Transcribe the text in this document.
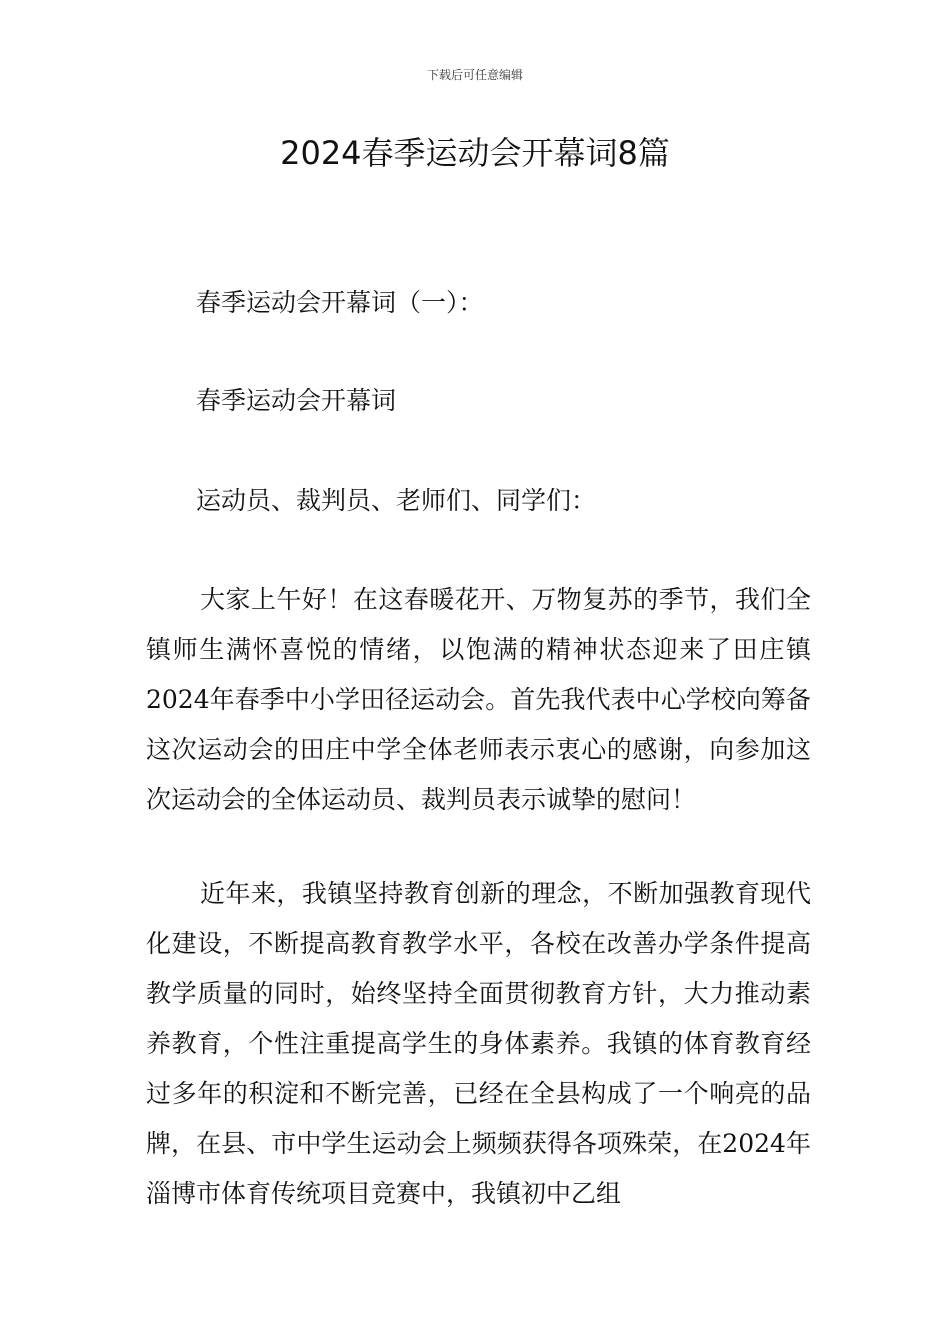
下载后可任意编辑
2024春季运动会开幕词8篇
春季运动会开幕词（一）：
春季运动会开幕词
运动员、裁判员、老师们、同学们：

大家上午好！在这春暖花开、万物复苏的季节，我们全镇师生满怀喜悦的情绪，以饱满的精神状态迎来了田庄镇2024年春季中小学田径运动会。首先我代表中心学校向筹备这次运动会的田庄中学全体老师表示衷心的感谢，向参加这次运动会的全体运动员、裁判员表示诚挚的慰问！

近年来，我镇坚持教育创新的理念，不断加强教育现代化建设，不断提高教育教学水平，各校在改善办学条件提高教学质量的同时，始终坚持全面贯彻教育方针，大力推动素养教育，个性注重提高学生的身体素养。我镇的体育教育经过多年的积淀和不断完善，已经在全县构成了一个响亮的品牌，在县、市中学生运动会上频频获得各项殊荣，在2024年淄博市体育传统项目竞赛中，我镇初中乙组
